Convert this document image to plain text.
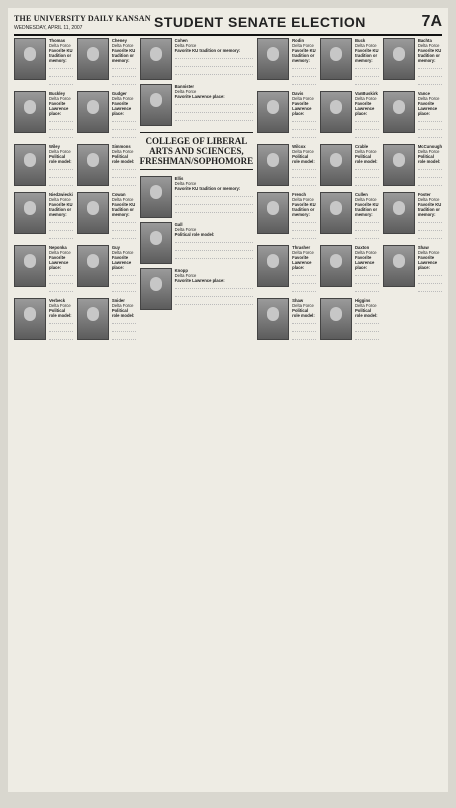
THE UNIVERSITY DAILY KANSAN
WEDNESDAY, APRIL 11, 2007	STUDENT SENATE ELECTION	7A
Thomas
Delta Force
Favorite KU tradition or memory:
Buckley
Delta Force
Favorite Lawrence place:
Wiley
Delta Force
Political role model:
Niedzwiecki
Delta Force
Favorite KU tradition or memory:
Neponka
Delta Force
Favorite Lawrence place:
Verbeck
Delta Force
Political role model:
Cheney
Delta Force
Favorite KU tradition or memory:
Gudger
Delta Force
Favorite Lawrence place:
Simmons
Delta Force
Political role model:
Cowan
Delta Force
Favorite KU tradition or memory:
Guy
Delta Force
Favorite Lawrence place:
Snider
Delta Force
Political role model:
Cohen
Delta Force
Favorite KU tradition or memory:
Bannister
Delta Force
Favorite Lawrence place:
COLLEGE OF LIBERAL ARTS AND SCIENCES, FRESHMAN/SOPHOMORE
Ellis
Delta Force
Favorite KU tradition or memory:
Gall
Delta Force
Political role model:
Knopp
Delta Force
Favorite Lawrence place:
Rodin
Delta Force
Favorite KU tradition or memory:
Davis
Delta Force
Favorite Lawrence place:
Wilcox
Delta Force
Political role model:
French
Delta Force
Favorite KU tradition or memory:
Thrasher
Delta Force
Favorite Lawrence place:
Shaw
Delta Force
Political role model:
Buck
Delta Force
Favorite KU tradition or memory:
VanBuskirk
Delta Force
Favorite Lawrence place:
Crable
Delta Force
Political role model:
Cullen
Delta Force
Favorite KU tradition or memory:
Daxton
Delta Force
Favorite Lawrence place:
Higgins
Delta Force
Political role model:
Bachta
Delta Force
Favorite KU tradition or memory:
Vance
Delta Force
Favorite Lawrence place:
McCunough
Delta Force
Political role model:
Foster
Delta Force
Favorite KU tradition or memory:
Shaw
Delta Force
Favorite Lawrence place:
